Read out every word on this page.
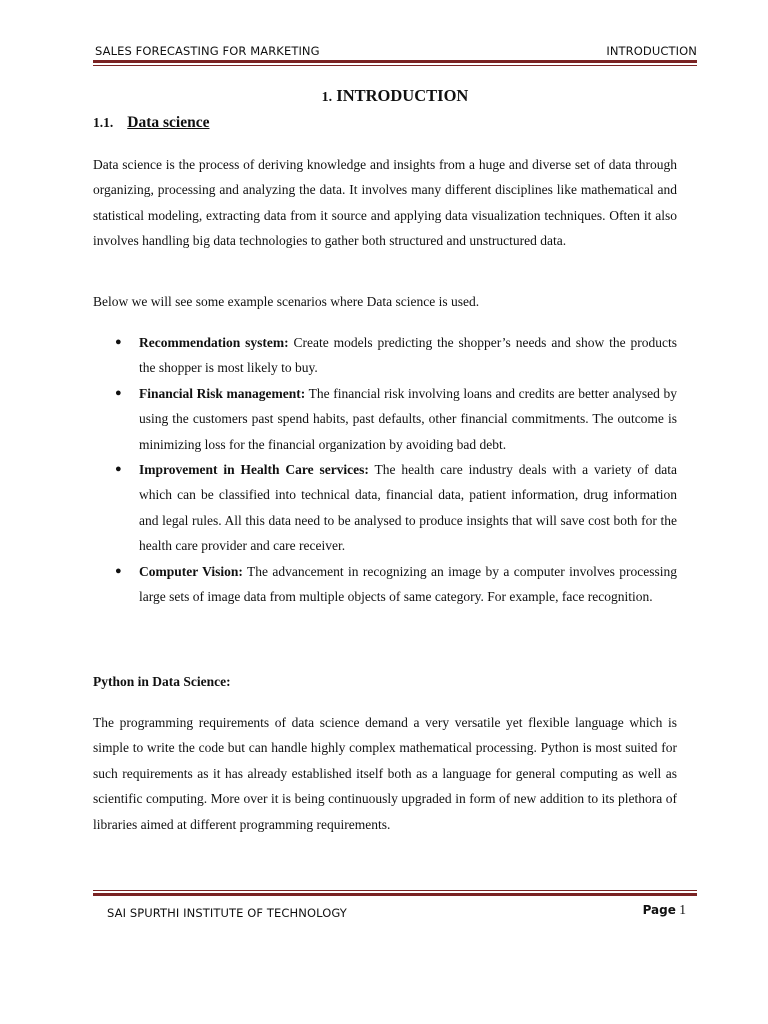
SALES FORECASTING FOR MARKETING	INTRODUCTION
1. INTRODUCTION
1.1. Data science
Data science is the process of deriving knowledge and insights from a huge and diverse set of data through organizing, processing and analyzing the data. It involves many different disciplines like mathematical and statistical modeling, extracting data from it source and applying data visualization techniques. Often it also involves handling big data technologies to gather both structured and unstructured data.
Below we will see some example scenarios where Data science is used.
● Recommendation system: Create models predicting the shopper’s needs and show the products the shopper is most likely to buy.
● Financial Risk management: The financial risk involving loans and credits are better analysed by using the customers past spend habits, past defaults, other financial commitments. The outcome is minimizing loss for the financial organization by avoiding bad debt.
● Improvement in Health Care services: The health care industry deals with a variety of data which can be classified into technical data, financial data, patient information, drug information and legal rules. All this data need to be analysed to produce insights that will save cost both for the health care provider and care receiver.
● Computer Vision: The advancement in recognizing an image by a computer involves processing large sets of image data from multiple objects of same category. For example, face recognition.
Python in Data Science:
The programming requirements of data science demand a very versatile yet flexible language which is simple to write the code but can handle highly complex mathematical processing. Python is most suited for such requirements as it has already established itself both as a language for general computing as well as scientific computing. More over it is being continuously upgraded in form of new addition to its plethora of libraries aimed at different programming requirements.
SAI SPURTHI INSTITUTE OF TECHNOLOGY	Page 1
